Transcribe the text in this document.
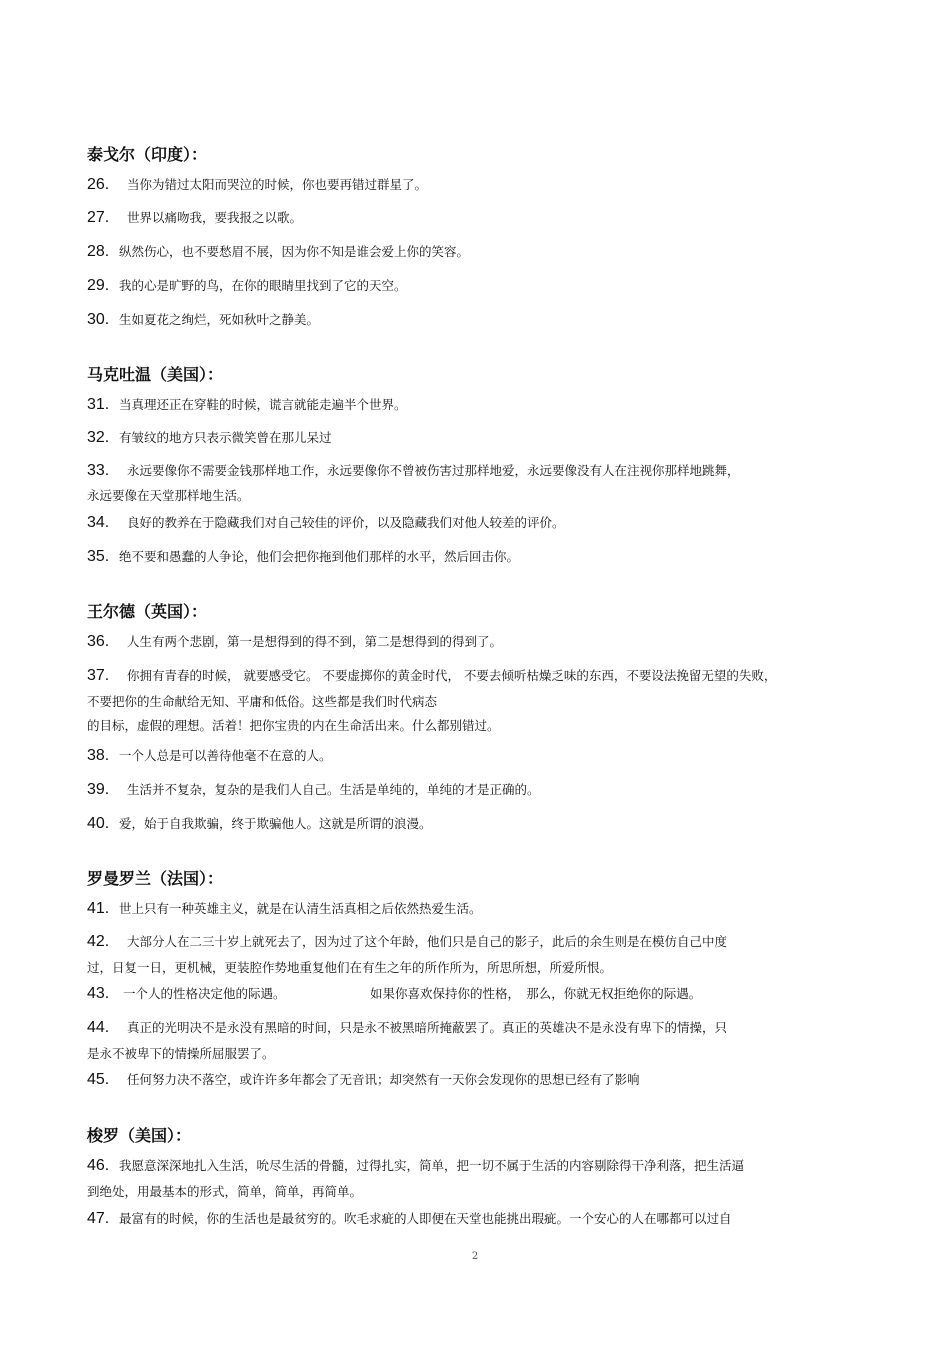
泰戈尔（印度）：
26. 当你为错过太阳而哭泣的时候，你也要再错过群星了。
27. 世界以痛吻我，要我报之以歌。
28. 纵然伤心，也不要愁眉不展，因为你不知是谁会爱上你的笑容。
29. 我的心是旷野的鸟，在你的眼睛里找到了它的天空。
30. 生如夏花之绚烂，死如秋叶之静美。
马克吐温（美国）：
31. 当真理还正在穿鞋的时候，谎言就能走遍半个世界。
32. 有皱纹的地方只表示微笑曾在那儿呆过
33. 永远要像你不需要金钱那样地工作，永远要像你不曾被伤害过那样地爱，永远要像没有人在注视你那样地跳舞，
永远要像在天堂那样地生活。
34. 良好的教养在于隐藏我们对自己较佳的评价，以及隐藏我们对他人较差的评价。
35. 绝不要和愚蠢的人争论，他们会把你拖到他们那样的水平，然后回击你。
王尔德（英国）：
36. 人生有两个悲剧，第一是想得到的得不到，第二是想得到的得到了。
37. 你拥有青春的时候， 就要感受它。 不要虚掷你的黄金时代， 不要去倾听枯燥乏味的东西，不要设法挽留无望的失败，
不要把你的生命献给无知、平庸和低俗。这些都是我们时代病态
的目标，虚假的理想。活着！把你宝贵的内在生命活出来。什么都别错过。
38. 一个人总是可以善待他毫不在意的人。
39. 生活并不复杂，复杂的是我们人自己。生活是单纯的，单纯的才是正确的。
40. 爱，始于自我欺骗，终于欺骗他人。这就是所谓的浪漫。
罗曼罗兰（法国）：
41. 世上只有一种英雄主义，就是在认清生活真相之后依然热爱生活。
42. 大部分人在二三十岁上就死去了，因为过了这个年龄，他们只是自己的影子，此后的余生则是在模仿自己中度
过，日复一日，更机械，更装腔作势地重复他们在有生之年的所作所为，所思所想，所爱所恨。
43. 一个人的性格决定他的际遇。	如果你喜欢保持你的性格，　那么，你就无权拒绝你的际遇。
44. 真正的光明决不是永没有黑暗的时间，只是永不被黑暗所掩蔽罢了。真正的英雄决不是永没有卑下的情操，只
是永不被卑下的情操所屈服罢了。
45. 任何努力决不落空，或许许多年都会了无音讯；却突然有一天你会发现你的思想已经有了影响
梭罗（美国）：
46. 我愿意深深地扎入生活，吮尽生活的骨髓，过得扎实，简单，把一切不属于生活的内容剔除得干净利落，把生活逼
到绝处，用最基本的形式，简单，简单，再简单。
47. 最富有的时候，你的生活也是最贫穷的。吹毛求疵的人即便在天堂也能挑出瑕疵。一个安心的人在哪都可以过自
2
